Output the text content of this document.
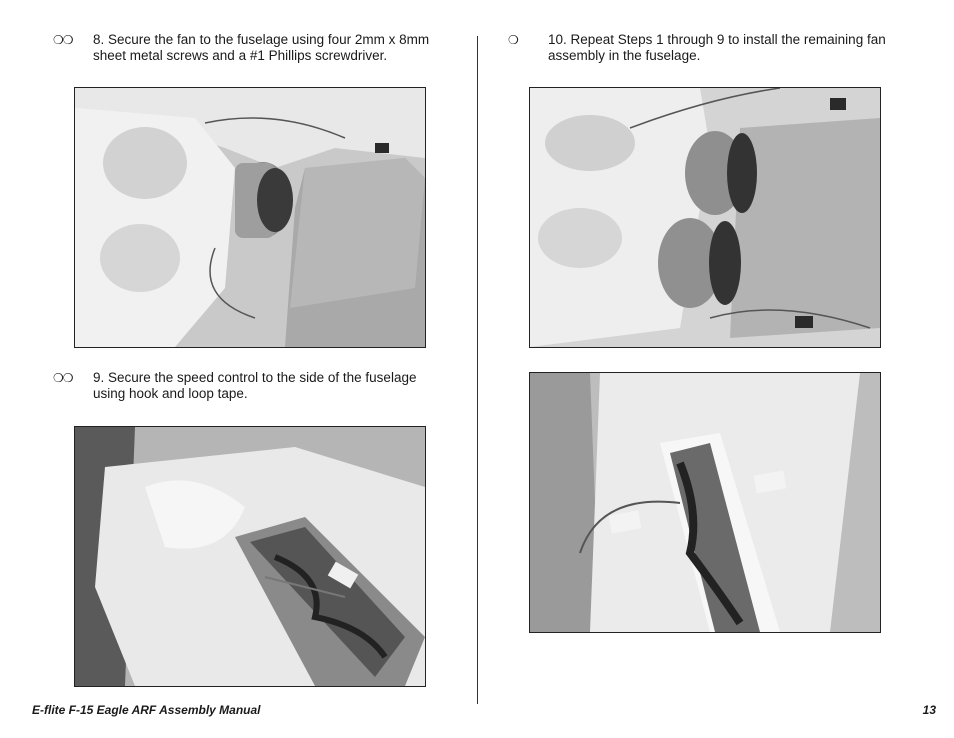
❍❍ 8. Secure the fan to the fuselage using four 2mm x 8mm
sheet metal screws and a #1 Phillips screwdriver.
❍❍ 9. Secure the speed control to the side of the fuselage
using hook and loop tape.
❍ 10. Repeat Steps 1 through 9 to install the remaining fan
assembly in the fuselage.
E-flite F-15 Eagle ARF Assembly Manual	13
